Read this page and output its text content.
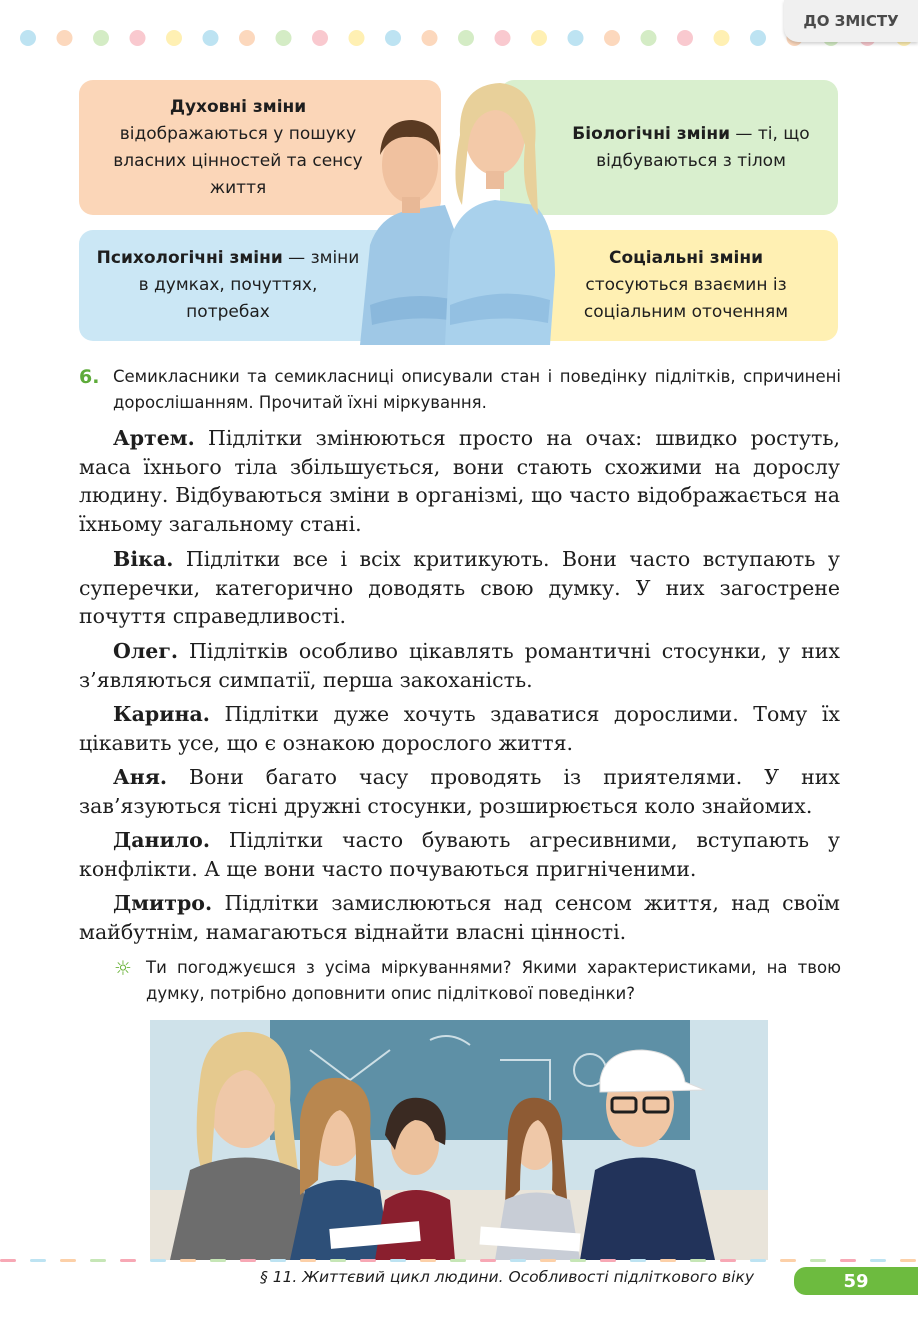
ДО ЗМІСТУ
Духовні зміни
відображаються у пошуку власних цінностей та сенсу життя
Біологічні зміни — ті, що відбуваються з тілом
Психологічні зміни — зміни в думках, почуттях, потребах
Соціальні зміни
стосуються взаємин із соціальним оточенням
6. Семикласники та семикласниці описували стан і поведінку підлітків, спричинені дорослішанням. Прочитай їхні міркування.
Артем. Підлітки змінюються просто на очах: швидко ростуть, маса їхнього тіла збільшується, вони стають схожими на дорослу людину. Відбуваються зміни в організмі, що часто відображається на їхньому загальному стані.
Віка. Підлітки все і всіх критикують. Вони часто вступають у суперечки, категорично доводять свою думку. У них загострене почуття справедливості.
Олег. Підлітків особливо цікавлять романтичні стосунки, у них з’являються симпатії, перша закоханість.
Карина. Підлітки дуже хочуть здаватися дорослими. Тому їх цікавить усе, що є ознакою дорослого життя.
Аня. Вони багато часу проводять із приятелями. У них зав’язуються тісні дружні стосунки, розширюється коло знайомих.
Данило. Підлітки часто бувають агресивними, вступають у конфлікти. А ще вони часто почуваються пригніченими.
Дмитро. Підлітки замислюються над сенсом життя, над своїм майбутнім, намагаються віднайти власні цінності.
☼ Ти погоджуєшся з усіма міркуваннями? Якими характеристиками, на твою думку, потрібно доповнити опис підліткової поведінки?
§ 11. Життєвий цикл людини. Особливості підліткового віку	59
